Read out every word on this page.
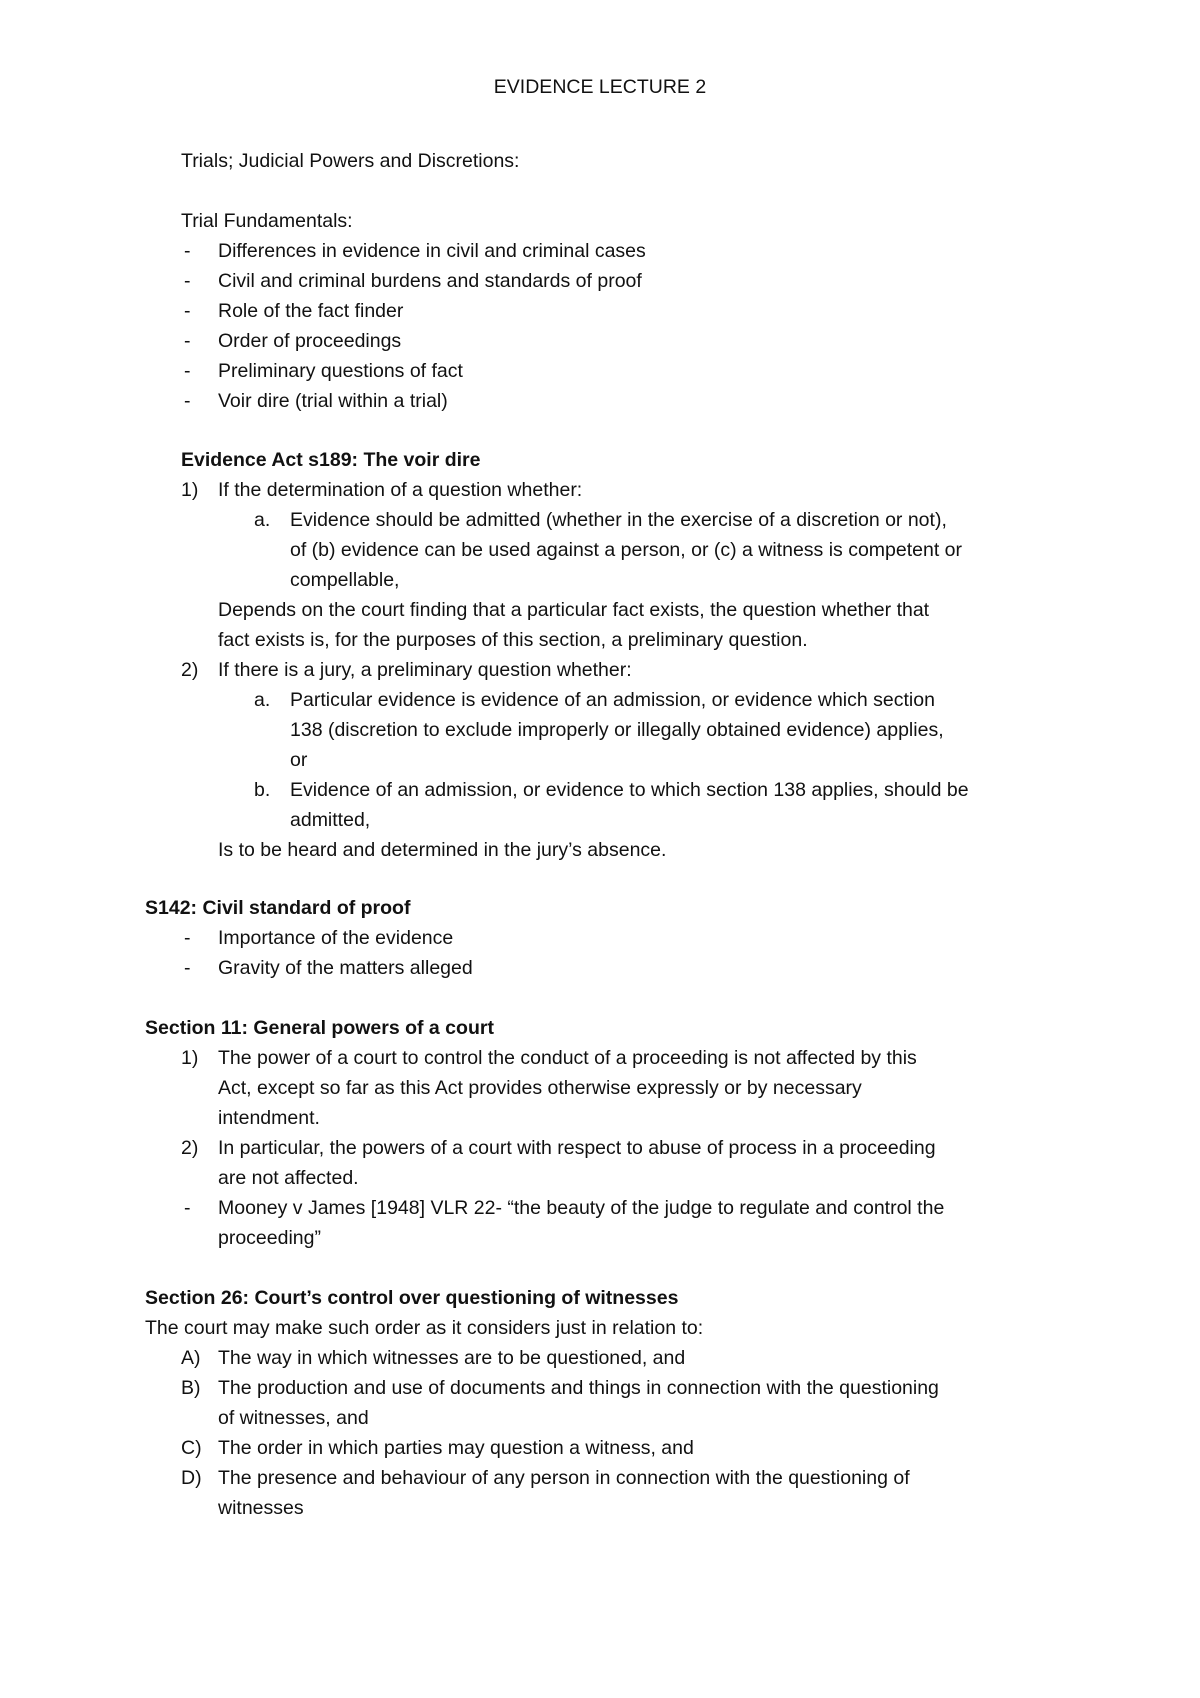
EVIDENCE LECTURE 2
Trials; Judicial Powers and Discretions:
Trial Fundamentals:
- Differences in evidence in civil and criminal cases
- Civil and criminal burdens and standards of proof
- Role of the fact finder
- Order of proceedings
- Preliminary questions of fact
- Voir dire (trial within a trial)
Evidence Act s189: The voir dire
1) If the determination of a question whether:
a. Evidence should be admitted (whether in the exercise of a discretion or not),
of (b) evidence can be used against a person, or (c) a witness is competent or
compellable,
Depends on the court finding that a particular fact exists, the question whether that
fact exists is, for the purposes of this section, a preliminary question.
2) If there is a jury, a preliminary question whether:
a. Particular evidence is evidence of an admission, or evidence which section
138 (discretion to exclude improperly or illegally obtained evidence) applies,
or
b. Evidence of an admission, or evidence to which section 138 applies, should be
admitted,
Is to be heard and determined in the jury’s absence.
S142: Civil standard of proof
- Importance of the evidence
- Gravity of the matters alleged
Section 11: General powers of a court
1) The power of a court to control the conduct of a proceeding is not affected by this
Act, except so far as this Act provides otherwise expressly or by necessary
intendment.
2) In particular, the powers of a court with respect to abuse of process in a proceeding
are not affected.
- Mooney v James [1948] VLR 22- “the beauty of the judge to regulate and control the
proceeding”
Section 26: Court’s control over questioning of witnesses
The court may make such order as it considers just in relation to:
A) The way in which witnesses are to be questioned, and
B) The production and use of documents and things in connection with the questioning
of witnesses, and
C) The order in which parties may question a witness, and
D) The presence and behaviour of any person in connection with the questioning of
witnesses
